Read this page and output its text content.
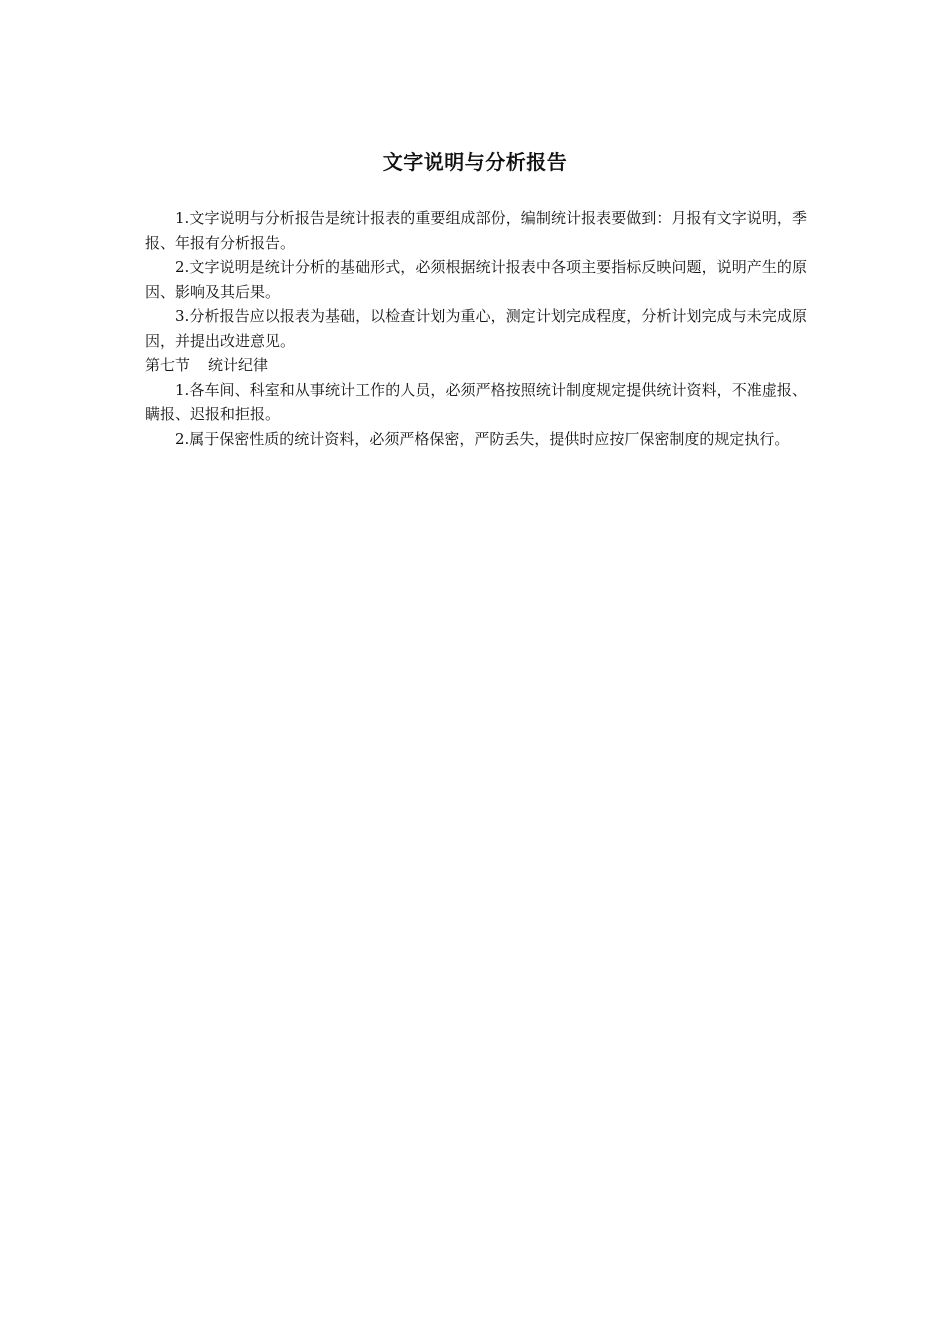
文字说明与分析报告

1.文字说明与分析报告是统计报表的重要组成部份，编制统计报表要做到：月报有文字说明，季报、年报有分析报告。

2.文字说明是统计分析的基础形式，必须根据统计报表中各项主要指标反映问题，说明产生的原因、影响及其后果。

3.分析报告应以报表为基础，以检查计划为重心，测定计划完成程度，分析计划完成与未完成原因，并提出改进意见。

第七节 统计纪律

1.各车间、科室和从事统计工作的人员，必须严格按照统计制度规定提供统计资料，不准虚报、瞒报、迟报和拒报。

2.属于保密性质的统计资料，必须严格保密，严防丢失，提供时应按厂保密制度的规定执行。
